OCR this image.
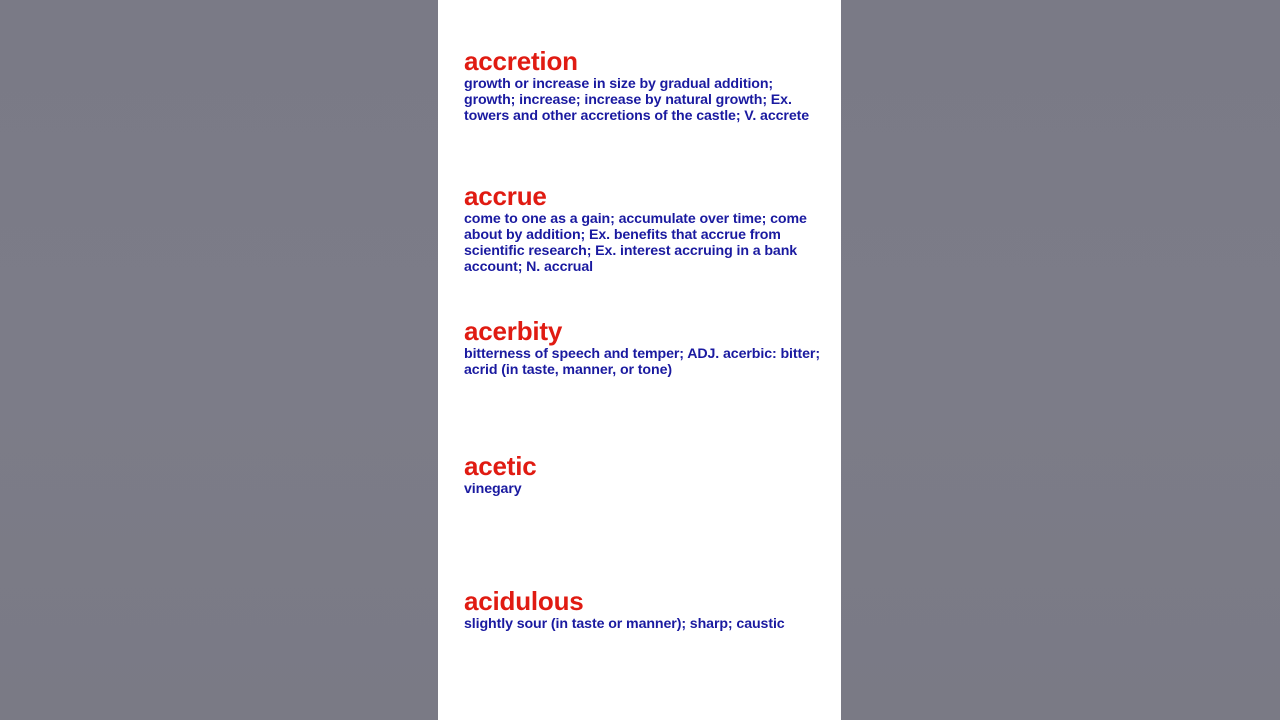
accretion

growth or increase in size by gradual addition; growth; increase; increase by natural growth; Ex. towers and other accretions of the castle; V. accrete

accrue

come to one as a gain; accumulate over time; come about by addition; Ex. benefits that accrue from scientific research; Ex. interest accruing in a bank account; N. accrual

acerbity

bitterness of speech and temper; ADJ. acerbic: bitter; acrid (in taste, manner, or tone)

acetic

vinegary

acidulous

slightly sour (in taste or manner); sharp; caustic
